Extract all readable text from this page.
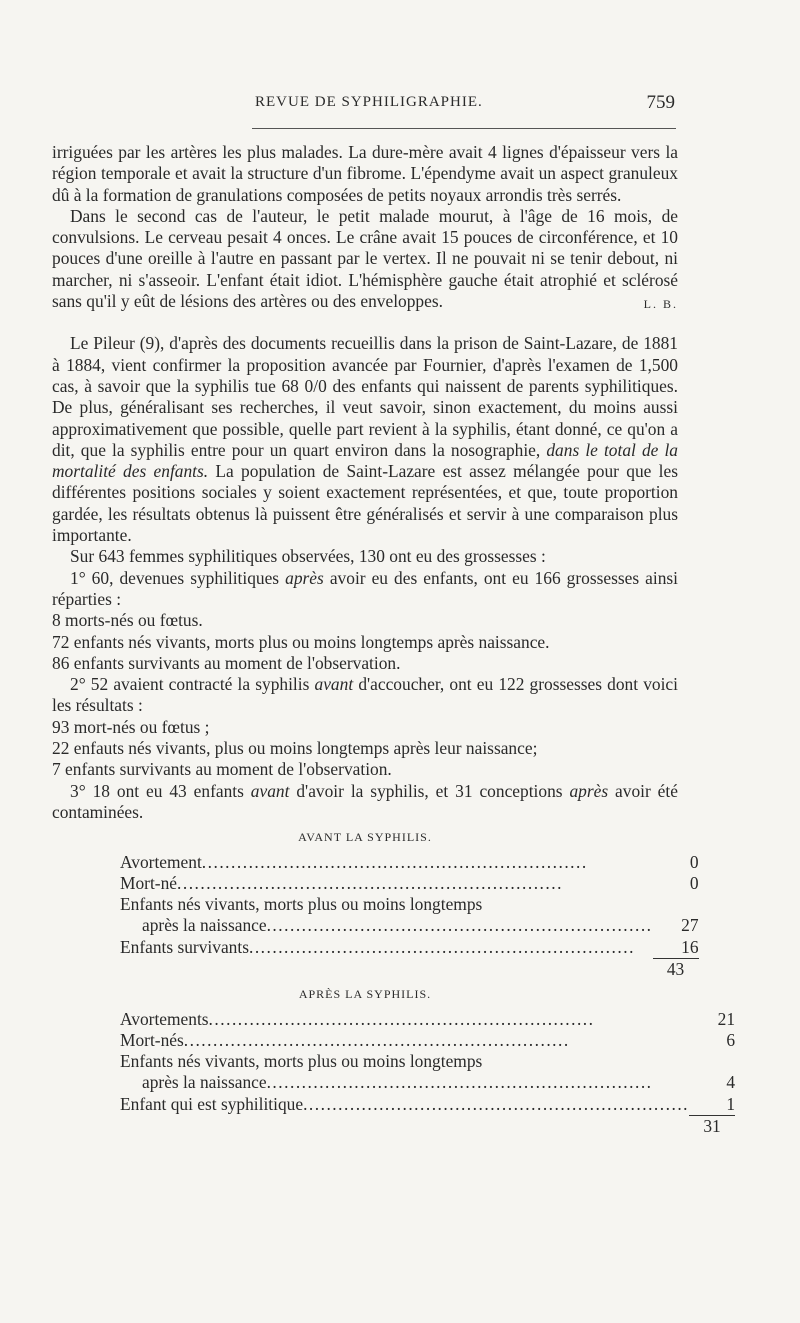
REVUE DE SYPHILIGRAPHIE.	759

irriguées par les artères les plus malades. La dure-mère avait 4 lignes d'épaisseur vers la région temporale et avait la structure d'un fibrome. L'épendyme avait un aspect granuleux dû à la formation de granulations composées de petits noyaux arrondis très serrés.

Dans le second cas de l'auteur, le petit malade mourut, à l'âge de 16 mois, de convulsions. Le cerveau pesait 4 onces. Le crâne avait 15 pouces de circonférence, et 10 pouces d'une oreille à l'autre en passant par le vertex. Il ne pouvait ni se tenir debout, ni marcher, ni s'asseoir. L'enfant était idiot. L'hémisphère gauche était atrophié et sclérosé sans qu'il y eût de lésions des artères ou des enveloppes.	L. B.

Le Pileur (9), d'après des documents recueillis dans la prison de Saint-Lazare, de 1881 à 1884, vient confirmer la proposition avancée par Fournier, d'après l'examen de 1,500 cas, à savoir que la syphilis tue 68 0/0 des enfants qui naissent de parents syphilitiques. De plus, généralisant ses recherches, il veut savoir, sinon exactement, du moins aussi approximativement que possible, quelle part revient à la syphilis, étant donné, ce qu'on a dit, que la syphilis entre pour un quart environ dans la nosographie, dans le total de la mortalité des enfants. La population de Saint-Lazare est assez mélangée pour que les différentes positions sociales y soient exactement représentées, et que, toute proportion gardée, les résultats obtenus là puissent être généralisés et servir à une comparaison plus importante.

Sur 643 femmes syphilitiques observées, 130 ont eu des grossesses :

1° 60, devenues syphilitiques après avoir eu des enfants, ont eu 166 grossesses ainsi réparties :

8 morts-nés ou fœtus.

72 enfants nés vivants, morts plus ou moins longtemps après naissance.

86 enfants survivants au moment de l'observation.

2° 52 avaient contracté la syphilis avant d'accoucher, ont eu 122 grossesses dont voici les résultats :

93 mort-nés ou fœtus ;

22 enfauts nés vivants, plus ou moins longtemps après leur naissance;

7 enfants survivants au moment de l'observation.

3° 18 ont eu 43 enfants avant d'avoir la syphilis, et 31 conceptions après avoir été contaminées.

AVANT LA SYPHILIS.
Avortement..................................................................	0
Mort-né..................................................................	0
Enfants nés vivants, morts plus ou moins longtemps	
après la naissance..................................................................	27
Enfants survivants..................................................................	16

	43
APRÈS LA SYPHILIS.
Avortements..................................................................	21
Mort-nés..................................................................	6
Enfants nés vivants, morts plus ou moins longtemps	
après la naissance..................................................................	4
Enfant qui est syphilitique..................................................................	1

	31
